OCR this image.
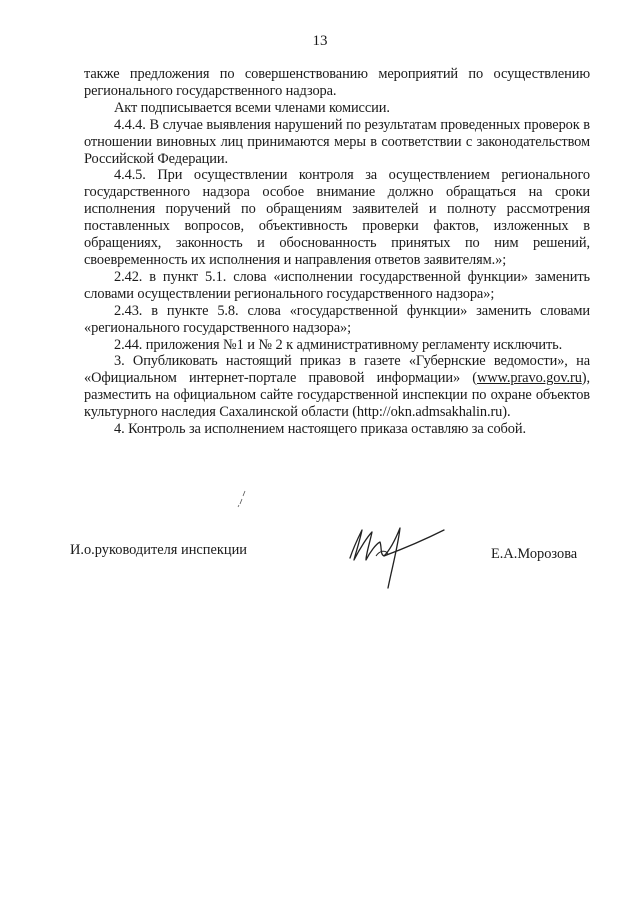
13

также предложения по совершенствованию мероприятий по осуществлению регионального государственного надзора.

Акт подписывается всеми членами комиссии.

4.4.4. В случае выявления нарушений по результатам проведенных проверок в отношении виновных лиц принимаются меры в соответствии с законодательством Российской Федерации.

4.4.5. При осуществлении контроля за осуществлением регионального государственного надзора особое внимание должно обращаться на сроки исполнения поручений по обращениям заявителей и полноту рассмотрения поставленных вопросов, объективность проверки фактов, изложенных в обращениях, законность и обоснованность принятых по ним решений, своевременность их исполнения и направления ответов заявителям.»;

2.42. в пункт 5.1. слова «исполнении государственной функции» заменить словами осуществлении регионального государственного надзора»;

2.43. в пункте 5.8. слова «государственной функции» заменить словами «регионального государственного надзора»;

2.44. приложения №1 и № 2 к административному регламенту исключить.

3. Опубликовать настоящий приказ в газете «Губернские ведомости», на «Официальном интернет-портале правовой информации» (www.pravo.gov.ru), разместить на официальном сайте государственной инспекции по охране объектов культурного наследия Сахалинской области (http://okn.admsakhalin.ru).

4. Контроль за исполнением настоящего приказа оставляю за собой.

И.о.руководителя инспекции	Е.А.Морозова
